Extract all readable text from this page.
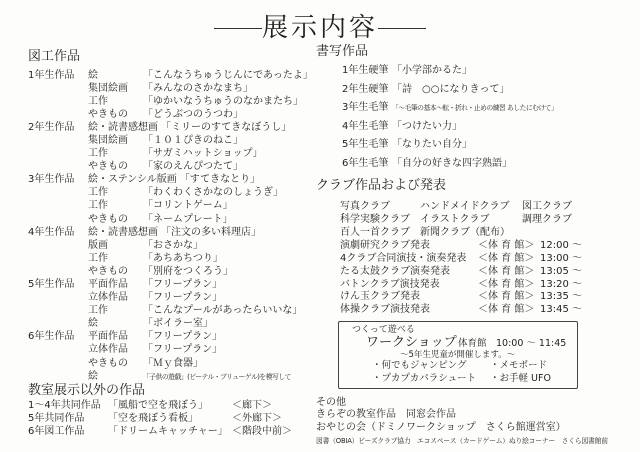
展示内容
図工作品
1年生作品 絵	「こんなうちゅうじんにであったよ」
集団絵画 「みんなのさかなまち」
工作	「ゆかいなうちゅうのなかまたち」
やきもの 「どうぶつのうつわ」
2年生作品 絵・読書感想画 「ミリーのすてきなぼうし」
集団絵画 「１０１ぴきのねこ」
工作	「サガミハットショップ」
やきもの 「家のえんぴつたて」
3年生作品 絵・ステンシル版画 「すてきなとり」
工作	「わくわくさかなのしょうぎ」
工作	「コリントゲーム」
やきもの 「ネームプレート」
4年生作品 絵・読書感想画 「注文の多い料理店」
版画	「おさかな」
工作	「あちあちつり」
やきもの 「別府をつくろう」
5年生作品 平面作品 「フリープラン」
立体作品 「フリープラン」
工作	「こんなプールがあったらいいな」
絵	「ボイラー室」
6年生作品 平面作品 「フリープラン」
立体作品 「フリープラン」
やきもの 「Ｍｙ食器」
絵	「子供の遊戯」(ピーテル・ブリューゲル)を模写して
教室展示以外の作品
1～4年共同作品 「風船で空を飛ぼう」 ＜廊下＞
5年共同作品 「空を飛ぼう看板」	＜外廊下＞
6年図工作品 「ドリームキャッチャー」 ＜階段中前＞
書写作品
1年生硬筆 「小学部かるた」
2年生硬筆 「詩　○○になりきって」
3年生毛筆 「～毛筆の基本～転・折れ・止めの練習 あしたにむけて」
4年生毛筆 「つけたい力」
5年生毛筆 「なりたい自分」
6年生毛筆 「自分の好きな四字熟語」
クラブ作品および発表
写真クラブ	ハンドメイドクラブ 図工クラブ
科学実験クラブ イラストクラブ	調理クラブ
百人一首クラブ 新聞クラブ（配布）
演劇研究クラブ発表	＜体 育 館＞ 12:00 ～
4クラブ合同演技・演奏発表 ＜体 育 館＞ 13:00 ～
たる太鼓クラブ演奏発表	＜体 育 館＞ 13:05 ～
バトンクラブ演技発表	＜体 育 館＞ 13:20 ～
けん玉クラブ発表	＜体 育 館＞ 13:35 ～
体操クラブ演技発表	＜体 育 館＞ 13:45 ～
つくって遊べる
ワークショップ 体育館　10:00 ～ 11:45
～5年生児童が開催します。～
・何でもジャンピング ・メモボード
・プカプカパラシュート ・お手軽 UFO
その他
きらぞの教室作品　同窓会作品
おやじの会（ドミノワークショップ　さくら館運営室）
図書（OBIA）ビーズクラブ協力　エコスペース（カードゲーム）ぬり絵コーナー　さくら図書館前
